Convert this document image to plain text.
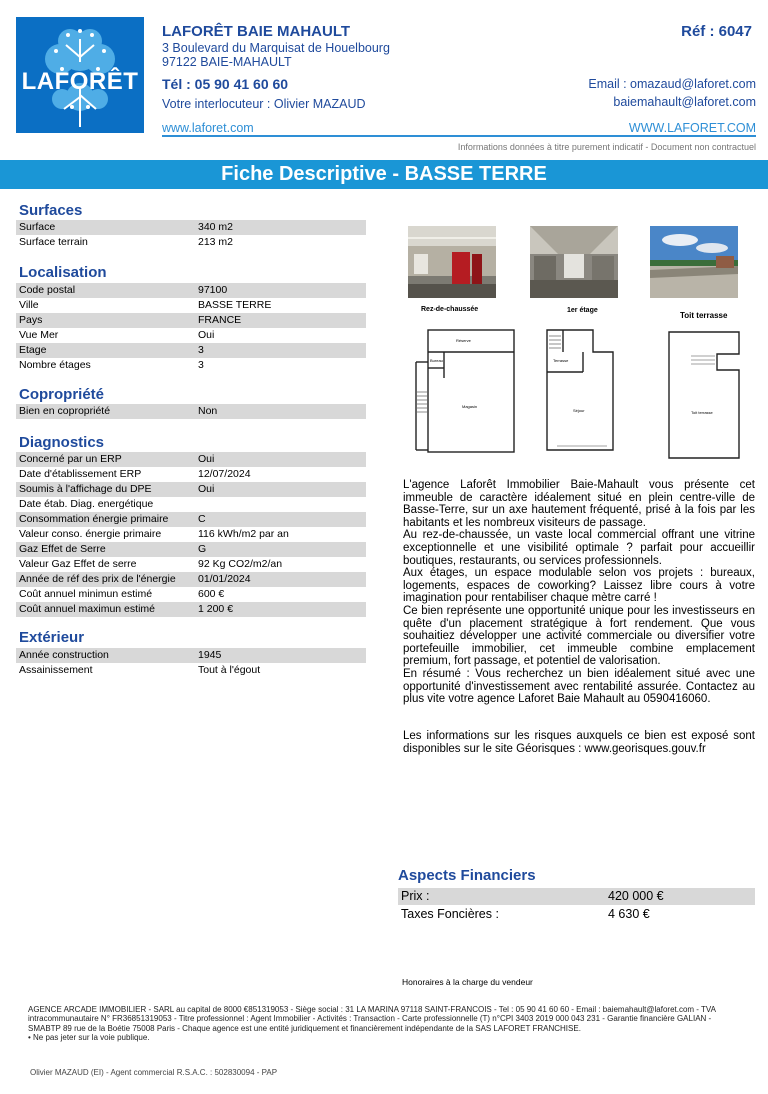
LAFORÊT
LAFORÊT BAIE MAHAULT	Réf : 6047
3 Boulevard du Marquisat de Houelbourg
97122 BAIE-MAHAULT
Tél : 05 90 41 60 60
Votre interlocuteur : Olivier MAZAUD
Email : omazaud@laforet.com
baiemahault@laforet.com
www.laforet.com	WWW.LAFORET.COM
Informations données à titre purement indicatif - Document non contractuel
Fiche Descriptive - BASSE TERRE
Surfaces
Surface	340 m2
Surface terrain	213 m2
Localisation
Code postal	97100
Ville	BASSE TERRE
Pays	FRANCE
Vue Mer	Oui
Etage	3
Nombre étages	3
Copropriété
Bien en copropriété	Non
Diagnostics
Concerné par un ERP	Oui
Date d'établissement ERP	12/07/2024
Soumis à l'affichage du DPE	Oui
Date étab. Diag. energétique
Consommation énergie primaire	C
Valeur conso. énergie primaire	116 kWh/m2 par an
Gaz Effet de Serre	G
Valeur Gaz Effet de serre	92 Kg CO2/m2/an
Année de réf des prix de l'énergie 01/01/2024
Coût annuel minimun estimé	600 €
Coût annuel maximun estimé	1 200 €
Extérieur
Année construction	1945
Assainissement	Tout à l'égout
Rez-de-chaussée	1er étage
Toit terrasse
Réserve
Bureau
Magasin
Terrasse
Séjour	Toit terrasse

L'agence Laforêt Immobilier Baie-Mahault vous présente cet immeuble de caractère idéalement situé en plein centre-ville de Basse-Terre, sur un axe hautement fréquenté, prisé à la fois par les habitants et les nombreux visiteurs de passage.

Au rez-de-chaussée, un vaste local commercial offrant une vitrine exceptionnelle et une visibilité optimale ? parfait pour accueillir boutiques, restaurants, ou services professionnels.

Aux étages, un espace modulable selon vos projets : bureaux, logements, espaces de coworking? Laissez libre cours à votre imagination pour rentabiliser chaque mètre carré !

Ce bien représente une opportunité unique pour les investisseurs en quête d'un placement stratégique à fort rendement. Que vous souhaitiez développer une activité commerciale ou diversifier votre portefeuille immobilier, cet immeuble combine emplacement premium, fort passage, et potentiel de valorisation.

En résumé : Vous recherchez un bien idéalement situé avec une opportunité d'investissement avec rentabilité assurée. Contactez au plus vite votre agence Laforet Baie Mahault au 0590416060.

Les informations sur les risques auxquels ce bien est exposé sont disponibles sur le site Géorisques : www.georisques.gouv.fr
Aspects Financiers
Prix :	420 000 €
Taxes Foncières :	4 630 €
Honoraires à la charge du vendeur
AGENCE ARCADE IMMOBILIER - SARL au capital de 8000 €851319053 - Siège social : 31 LA MARINA 97118 SAINT-FRANCOIS - Tel : 05 90 41 60 60 - Email : baiemahault@laforet.com - TVA intracommunautaire N° FR36851319053 - Titre professionnel : Agent Immobilier - Activités : Transaction - Carte professionnelle (T) n°CPI 3403 2019 000 043 231 - Garantie financière GALIAN - SMABTP 89 rue de la Boétie 75008 Paris - Chaque agence est une entité juridiquement et financièrement indépendante de la SAS LAFORET FRANCHISE.
• Ne pas jeter sur la voie publique.
Olivier MAZAUD (EI) - Agent commercial R.S.A.C. : 502830094 - PAP
